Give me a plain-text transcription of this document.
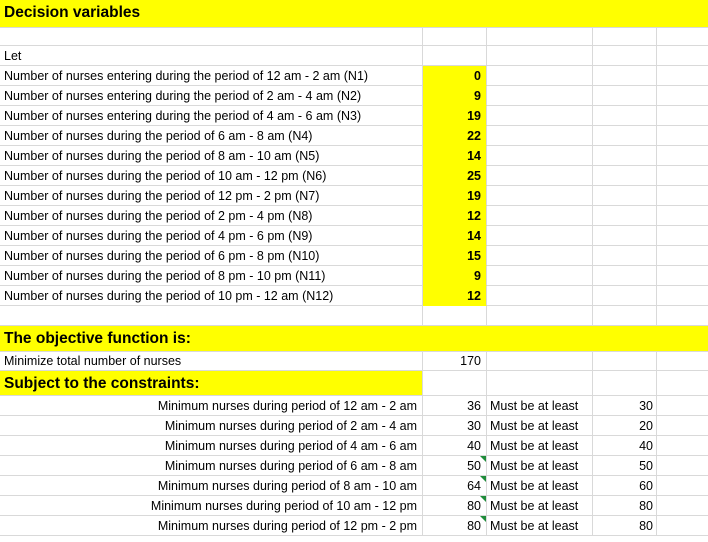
Decision variables
Let
Number of nurses entering during the period of 12 am - 2 am (N1)	0
Number of nurses entering during the period of 2 am - 4 am (N2)	9
Number of nurses entering during the period of 4 am - 6 am (N3)	19
Number of nurses during the period of 6 am - 8 am (N4)	22
Number of nurses during the period of 8 am - 10 am (N5)	14
Number of nurses during the period of 10 am - 12 pm (N6)	25
Number of nurses during the period of 12 pm - 2 pm (N7)	19
Number of nurses during the period of 2 pm - 4 pm (N8)	12
Number of nurses during the period of 4 pm - 6 pm (N9)	14
Number of nurses during the period of 6 pm - 8 pm (N10)	15
Number of nurses during the period of 8 pm - 10 pm (N11)	9
Number of nurses during the period of 10 pm - 12 am (N12)	12
The objective function is:
Minimize total number of nurses	170
Subject to the constraints:
Minimum nurses during period of 12 am - 2 am	36 Must be at least	30
Minimum nurses during period of 2 am - 4 am	30 Must be at least	20
Minimum nurses during period of 4 am - 6 am	40 Must be at least	40
Minimum nurses during period of 6 am - 8 am	50 Must be at least	50
Minimum nurses during period of 8 am - 10 am	64 Must be at least	60
Minimum nurses during period of 10 am - 12 pm	80 Must be at least	80
Minimum nurses during period of 12 pm - 2 pm	80 Must be at least	80
